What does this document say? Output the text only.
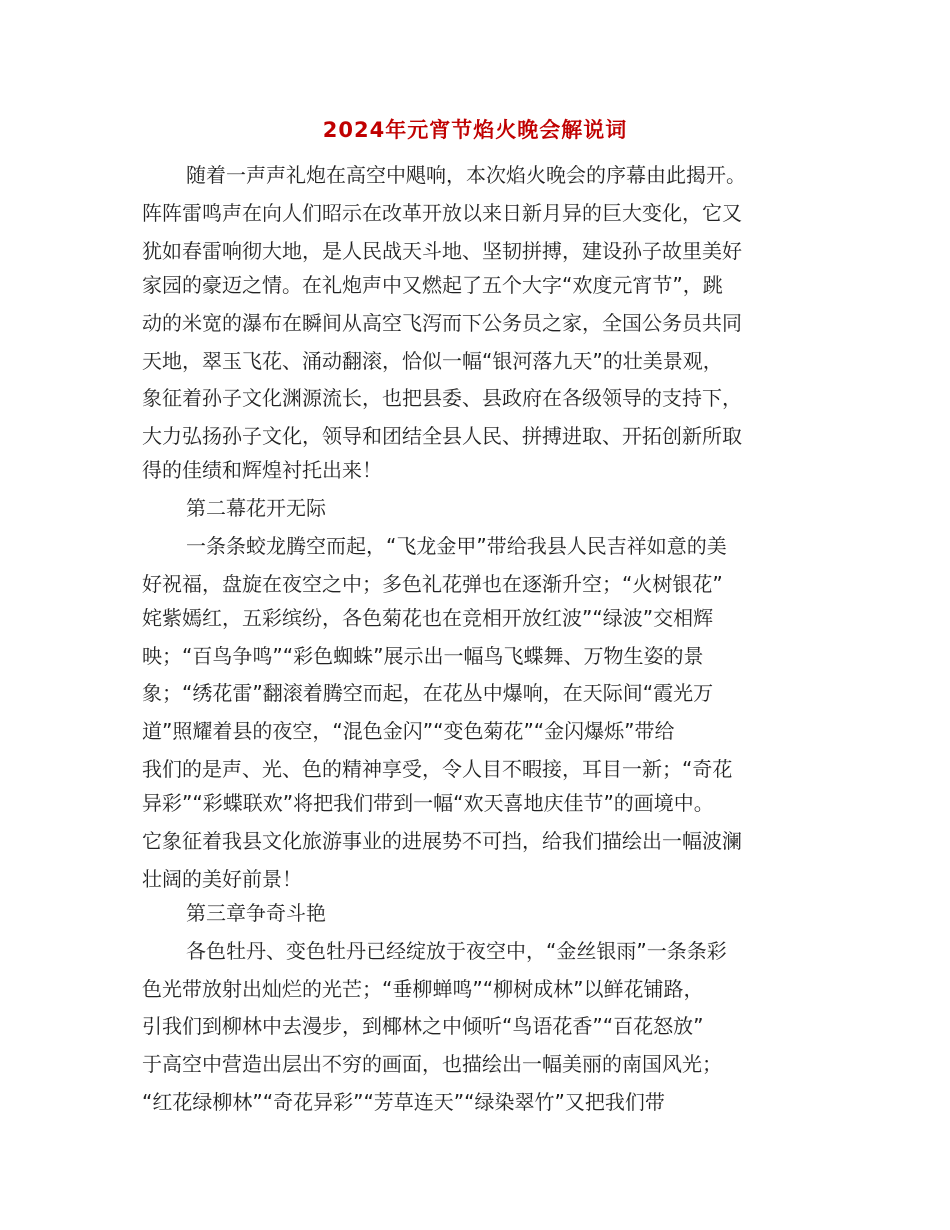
2024年元宵节焰火晚会解说词

随着一声声礼炮在高空中飓响，本次焰火晚会的序幕由此揭开。

阵阵雷鸣声在向人们昭示在改革开放以来日新月异的巨大变化，它又

犹如春雷响彻大地，是人民战天斗地、坚韧拼搏，建设孙子故里美好

家园的豪迈之情。在礼炮声中又燃起了五个大字“欢度元宵节”，跳

动的米宽的瀑布在瞬间从高空飞泻而下公务员之家，全国公务员共同

天地，翠玉飞花、涌动翻滚，恰似一幅“银河落九天”的壮美景观，

象征着孙子文化渊源流长，也把县委、县政府在各级领导的支持下，

大力弘扬孙子文化，领导和团结全县人民、拼搏进取、开拓创新所取

得的佳绩和辉煌衬托出来！

第二幕花开无际

一条条蛟龙腾空而起，“飞龙金甲”带给我县人民吉祥如意的美

好祝福，盘旋在夜空之中；多色礼花弹也在逐渐升空；“火树银花”

姹紫嫣红，五彩缤纷，各色菊花也在竞相开放红波”“绿波”交相辉

映；“百鸟争鸣”“彩色蜘蛛”展示出一幅鸟飞蝶舞、万物生姿的景

象；“绣花雷”翻滚着腾空而起，在花丛中爆响，在天际间“霞光万

道”照耀着县的夜空，“混色金闪”“变色菊花”“金闪爆烁”带给

我们的是声、光、色的精神享受，令人目不暇接，耳目一新；“奇花

异彩”“彩蝶联欢”将把我们带到一幅“欢天喜地庆佳节”的画境中。

它象征着我县文化旅游事业的进展势不可挡，给我们描绘出一幅波澜

壮阔的美好前景！

第三章争奇斗艳

各色牡丹、变色牡丹已经绽放于夜空中，“金丝银雨”一条条彩

色光带放射出灿烂的光芒；“垂柳蝉鸣”“柳树成林”以鲜花铺路，

引我们到柳林中去漫步，到椰林之中倾听“鸟语花香”“百花怒放”

于高空中营造出层出不穷的画面，也描绘出一幅美丽的南国风光；

“红花绿柳林”“奇花异彩”“芳草连天”“绿染翠竹”又把我们带
